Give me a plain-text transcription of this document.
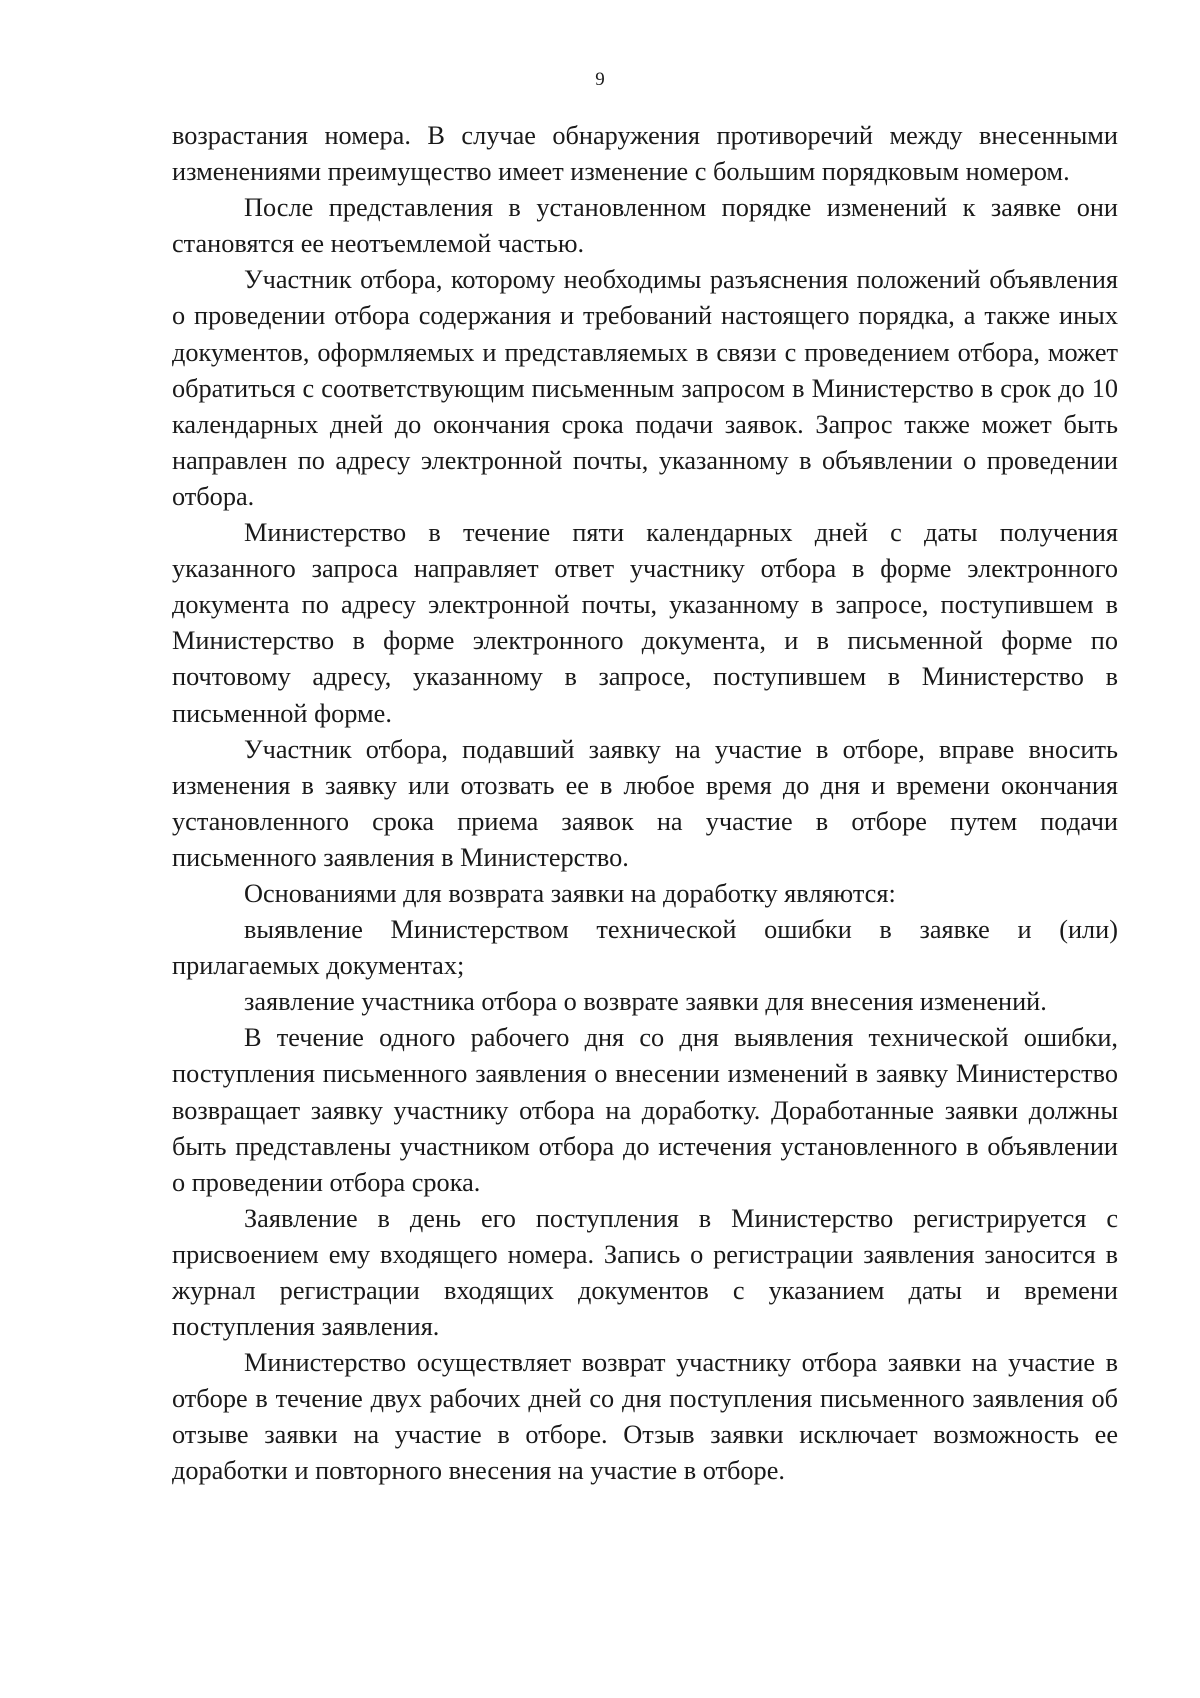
9

возрастания номера. В случае обнаружения противоречий между внесенными изменениями преимущество имеет изменение с большим порядковым номером.

После представления в установленном порядке изменений к заявке они становятся ее неотъемлемой частью.

Участник отбора, которому необходимы разъяснения положений объявления о проведении отбора содержания и требований настоящего порядка, а также иных документов, оформляемых и представляемых в связи с проведением отбора, может обратиться с соответствующим письменным запросом в Министерство в срок до 10 календарных дней до окончания срока подачи заявок. Запрос также может быть направлен по адресу электронной почты, указанному в объявлении о проведении отбора.

Министерство в течение пяти календарных дней с даты получения указанного запроса направляет ответ участнику отбора в форме электронного документа по адресу электронной почты, указанному в запросе, поступившем в Министерство в форме электронного документа, и в письменной форме по почтовому адресу, указанному в запросе, поступившем в Министерство в письменной форме.

Участник отбора, подавший заявку на участие в отборе, вправе вносить изменения в заявку или отозвать ее в любое время до дня и времени окончания установленного срока приема заявок на участие в отборе путем подачи письменного заявления в Министерство.

Основаниями для возврата заявки на доработку являются:

выявление Министерством технической ошибки в заявке и (или) прилагаемых документах;

заявление участника отбора о возврате заявки для внесения изменений.

В течение одного рабочего дня со дня выявления технической ошибки, поступления письменного заявления о внесении изменений в заявку Министерство возвращает заявку участнику отбора на доработку. Доработанные заявки должны быть представлены участником отбора до истечения установленного в объявлении о проведении отбора срока.

Заявление в день его поступления в Министерство регистрируется с присвоением ему входящего номера. Запись о регистрации заявления заносится в журнал регистрации входящих документов с указанием даты и времени поступления заявления.

Министерство осуществляет возврат участнику отбора заявки на участие в отборе в течение двух рабочих дней со дня поступления письменного заявления об отзыве заявки на участие в отборе. Отзыв заявки исключает возможность ее доработки и повторного внесения на участие в отборе.
